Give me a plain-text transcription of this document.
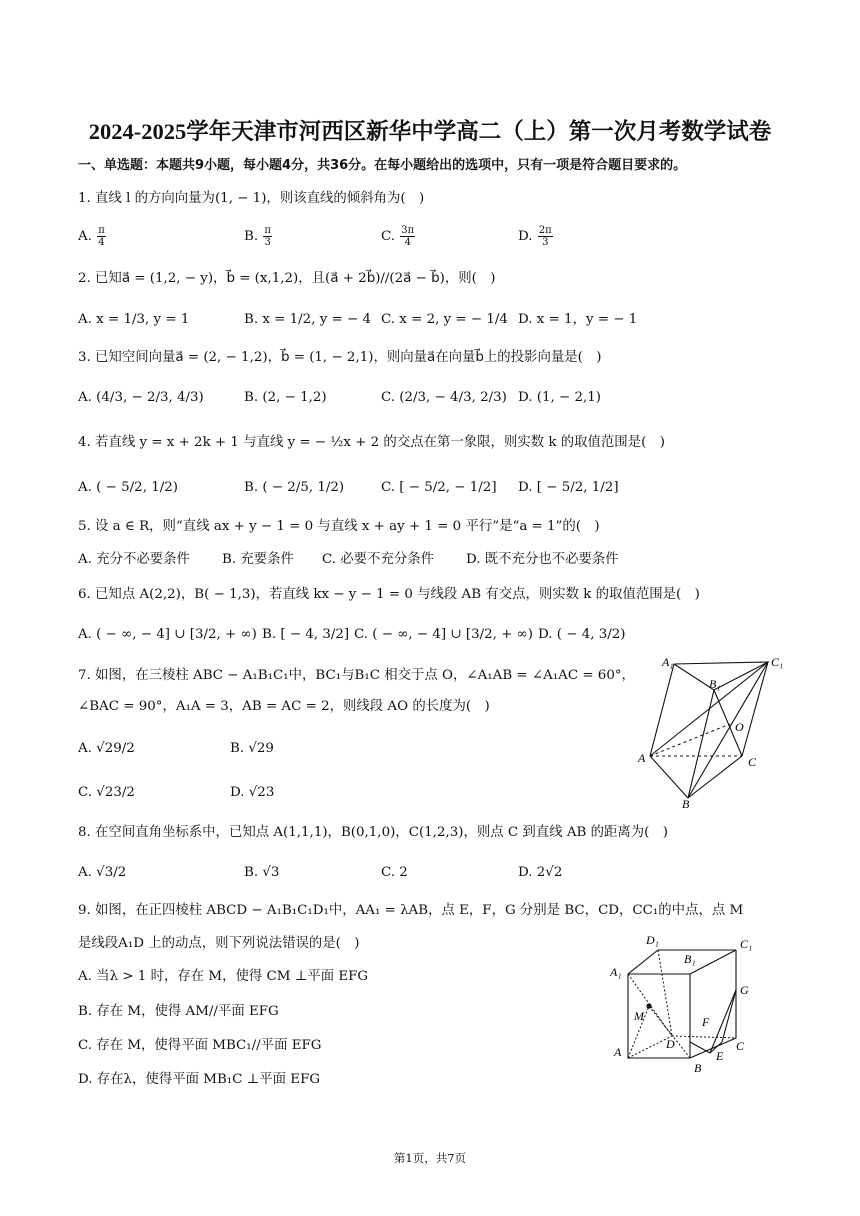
2024-2025学年天津市河西区新华中学高二（上）第一次月考数学试卷
一、单选题：本题共9小题，每小题4分，共36分。在每小题给出的选项中，只有一项是符合题目要求的。
1. 直线 l 的方向向量为(1, − 1)，则该直线的倾斜角为(　)
A. $\frac{\pi}{4}$	B. $\frac{\pi}{3}$	C. $\frac{3\pi}{4}$	D. $\frac{2\pi}{3}$
2. 已知a⃗ = (1,2, − y)，b⃗ = (x,1,2)，且(a⃗ + 2b⃗)//(2a⃗ − b⃗)，则(　)
A. x = 1/3, y = 1	B. x = 1/2, y = − 4 C. x = 2, y = − 1/4 D. x = 1，y = − 1
3. 已知空间向量a⃗ = (2, − 1,2)，b⃗ = (1, − 2,1)，则向量a⃗在向量b⃗上的投影向量是(　)
A. (4/3, − 2/3, 4/3)	B. (2, − 1,2)	C. (2/3, − 4/3, 2/3) D. (1, − 2,1)
4. 若直线 y = x + 2k + 1 与直线 y = − ½x + 2 的交点在第一象限，则实数 k 的取值范围是(　)
A. ( − 5/2, 1/2)	B. ( − 2/5, 1/2)	C. [ − 5/2, − 1/2] D. [ − 5/2, 1/2]
5. 设 a ∈ R，则“直线 ax + y − 1 = 0 与直线 x + ay + 1 = 0 平行”是“a = 1”的(　)
A. 充分不必要条件 B. 充要条件 C. 必要不充分条件 D. 既不充分也不必要条件
6. 已知点 A(2,2)，B( − 1,3)，若直线 kx − y − 1 = 0 与线段 AB 有交点，则实数 k 的取值范围是(　)
A. ( − ∞, − 4] ∪ [3/2, + ∞) B. [ − 4, 3/2] C. ( − ∞, − 4] ∪ [3/2, + ∞) D. ( − 4, 3/2)
7. 如图，在三棱柱 ABC − A₁B₁C₁中，BC₁与B₁C 相交于点 O，∠A₁AB = ∠A₁AC = 60°，
∠BAC = 90°，A₁A = 3，AB = AC = 2，则线段 AO 的长度为(　)
A. √29/2	B. √29
C. √23/2	D. √23
A₁	C₁
B₁
O
A	C
B
8. 在空间直角坐标系中，已知点 A(1,1,1)，B(0,1,0)，C(1,2,3)，则点 C 到直线 AB 的距离为(　)
A. √3/2	B. √3	C. 2	D. 2√2
9. 如图，在正四棱柱 ABCD − A₁B₁C₁D₁中，AA₁ = λAB，点 E，F，G 分别是 BC，CD，CC₁的中点，点 M
是线段A₁D 上的动点，则下列说法错误的是(　)
A. 当λ > 1 时，存在 M，使得 CM ⊥平面 EFG
B. 存在 M，使得 AM//平面 EFG
C. 存在 M，使得平面 MBC₁//平面 EFG
D. 存在λ，使得平面 MB₁C ⊥平面 EFG
D₁
B₁
C₁
A₁
G
M	F
A
D
E
C
B
第1页，共7页
